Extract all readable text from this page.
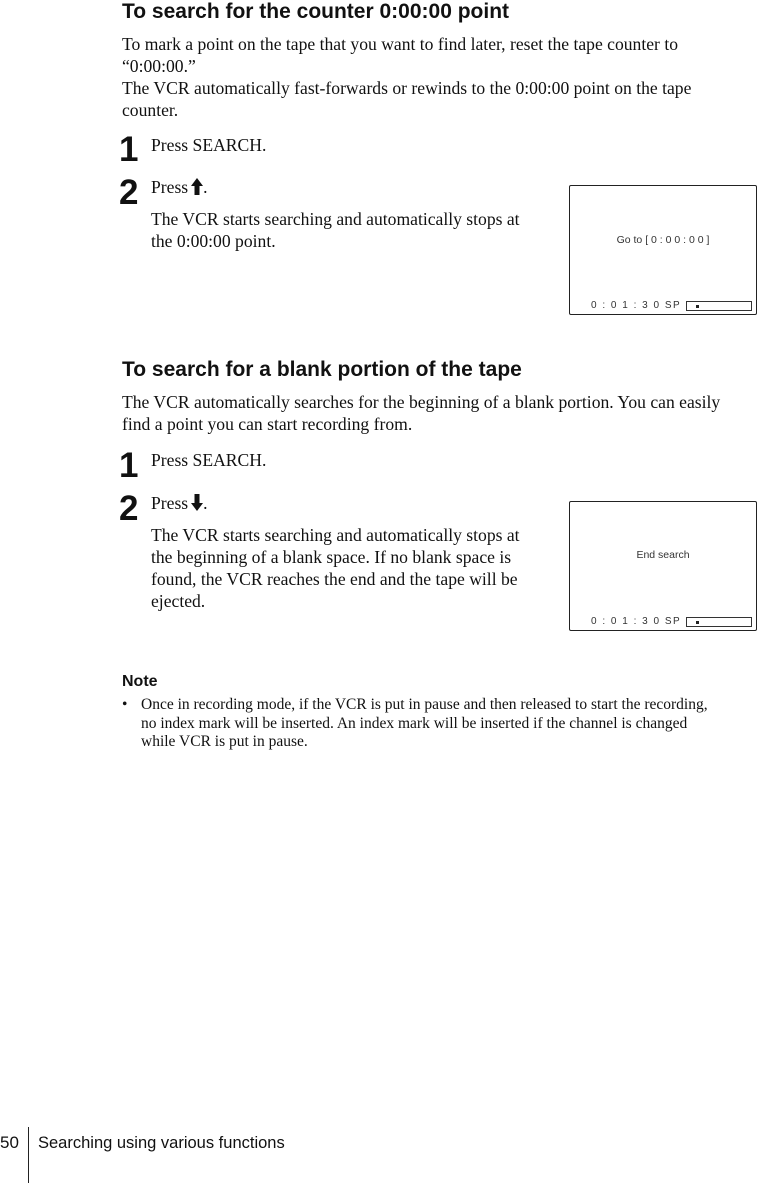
To search for the counter 0:00:00 point
To mark a point on the tape that you want to find later, reset the tape counter to
“0:00:00.”
The VCR automatically fast-forwards or rewinds to the 0:00:00 point on the tape
counter.
1 Press SEARCH.
2 Press .
The VCR starts searching and automatically stops at
the 0:00:00 point.	Go to [ 0 : 0 0 : 0 0 ]
0 : 0 1 : 3 0 SP
To search for a blank portion of the tape
The VCR automatically searches for the beginning of a blank portion. You can easily
find a point you can start recording from.
1 Press SEARCH.
2 Press .
The VCR starts searching and automatically stops at
the beginning of a blank space. If no blank space is
found, the VCR reaches the end and the tape will be
ejected.
End search
0 : 0 1 : 3 0 SP
Note
• Once in recording mode, if the VCR is put in pause and then released to start the recording,
no index mark will be inserted. An index mark will be inserted if the channel is changed
while VCR is put in pause.
50 Searching using various functions
